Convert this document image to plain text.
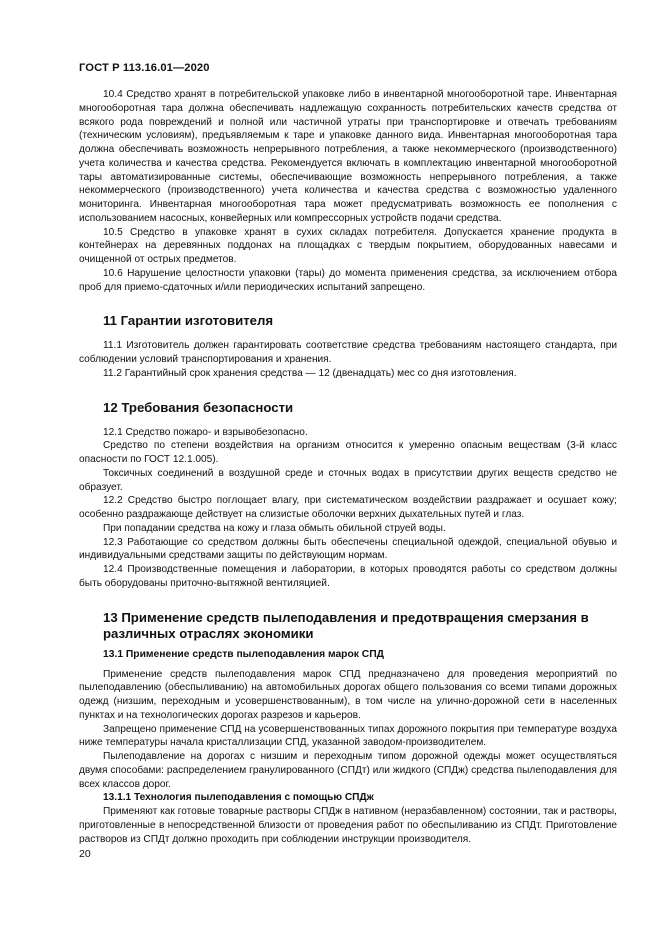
ГОСТ Р 113.16.01—2020

10.4 Средство хранят в потребительской упаковке либо в инвентарной многооборотной таре. Инвентарная многооборотная тара должна обеспечивать надлежащую сохранность потребительских качеств средства от всякого рода повреждений и полной или частичной утраты при транспортировке и отвечать требованиям (техническим условиям), предъявляемым к таре и упаковке данного вида. Инвентарная многооборотная тара должна обеспечивать возможность непрерывного потребления, а также некоммерческого (производственного) учета количества и качества средства. Рекомендуется включать в комплектацию инвентарной многооборотной тары автоматизированные системы, обеспечивающие возможность непрерывного потребления, а также некоммерческого (производственного) учета количества и качества средства с возможностью удаленного мониторинга. Инвентарная многооборотная тара может предусматривать возможность ее пополнения с использованием насосных, конвейерных или компрессорных устройств подачи средства.

10.5 Средство в упаковке хранят в сухих складах потребителя. Допускается хранение продукта в контейнерах на деревянных поддонах на площадках с твердым покрытием, оборудованных навесами и очищенной от острых предметов.

10.6 Нарушение целостности упаковки (тары) до момента применения средства, за исключением отбора проб для приемо-сдаточных и/или периодических испытаний запрещено.

11 Гарантии изготовителя

11.1 Изготовитель должен гарантировать соответствие средства требованиям настоящего стандарта, при соблюдении условий транспортирования и хранения.

11.2 Гарантийный срок хранения средства — 12 (двенадцать) мес со дня изготовления.

12 Требования безопасности

12.1 Средство пожаро- и взрывобезопасно.

Средство по степени воздействия на организм относится к умеренно опасным веществам (3-й класс опасности по ГОСТ 12.1.005).

Токсичных соединений в воздушной среде и сточных водах в присутствии других веществ средство не образует.

12.2 Средство быстро поглощает влагу, при систематическом воздействии раздражает и осушает кожу; особенно раздражающе действует на слизистые оболочки верхних дыхательных путей и глаз.

При попадании средства на кожу и глаза обмыть обильной струей воды.

12.3 Работающие со средством должны быть обеспечены специальной одеждой, специальной обувью и индивидуальными средствами защиты по действующим нормам.

12.4 Производственные помещения и лаборатории, в которых проводятся работы со средством должны быть оборудованы приточно-вытяжной вентиляцией.

13 Применение средств пылеподавления и предотвращения смерзания в различных отраслях экономики
13.1 Применение средств пылеподавления марок СПД

Применение средств пылеподавления марок СПД предназначено для проведения мероприятий по пылеподавлению (обеспыливанию) на автомобильных дорогах общего пользования со всеми типами дорожных одежд (низшим, переходным и усовершенствованным), в том числе на улично-дорожной сети в населенных пунктах и на технологических дорогах разрезов и карьеров.

Запрещено применение СПД на усовершенствованных типах дорожного покрытия при температуре воздуха ниже температуры начала кристаллизации СПД, указанной заводом-производителем.

Пылеподавление на дорогах с низшим и переходным типом дорожной одежды может осуществляться двумя способами: распределением гранулированного (СПДт) или жидкого (СПДж) средства пылеподавления для всех классов дорог.

13.1.1 Технология пылеподавления с помощью СПДж

Применяют как готовые товарные растворы СПДж в нативном (неразбавленном) состоянии, так и растворы, приготовленные в непосредственной близости от проведения работ по обеспыливанию из СПДт. Приготовление растворов из СПДт должно проходить при соблюдении инструкции производителя.

20
